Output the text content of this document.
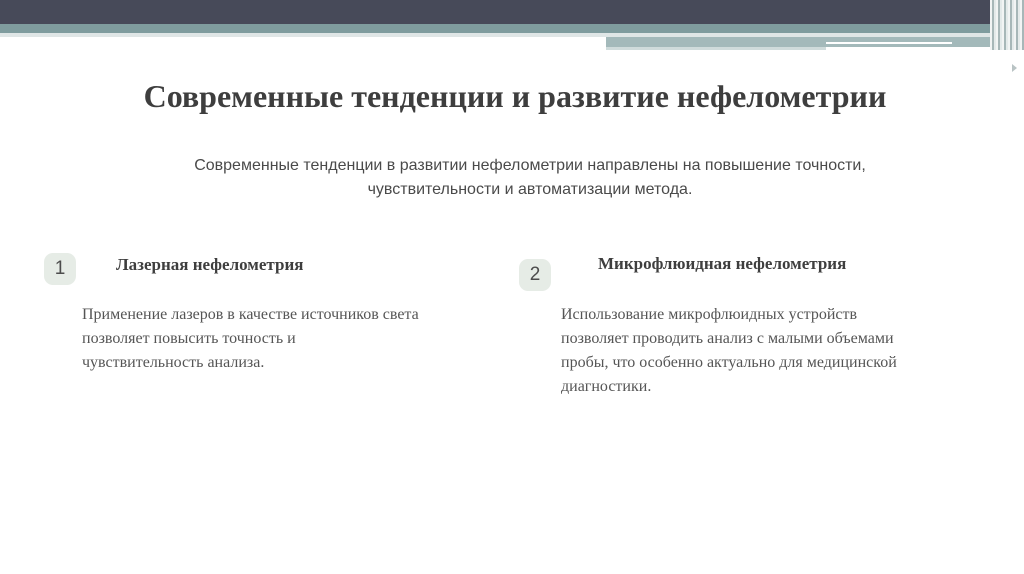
Современные тенденции и развитие нефелометрии

Современные тенденции в развитии нефелометрии направлены на повышение точности,
чувствительности и автоматизации метода.

1	Лазерная нефелометрия

Применение лазеров в качестве источников света
позволяет повысить точность и
чувствительность анализа.

2
Микрофлюидная нефелометрия

Использование микрофлюидных устройств
позволяет проводить анализ с малыми объемами
пробы, что особенно актуально для медицинской
диагностики.
